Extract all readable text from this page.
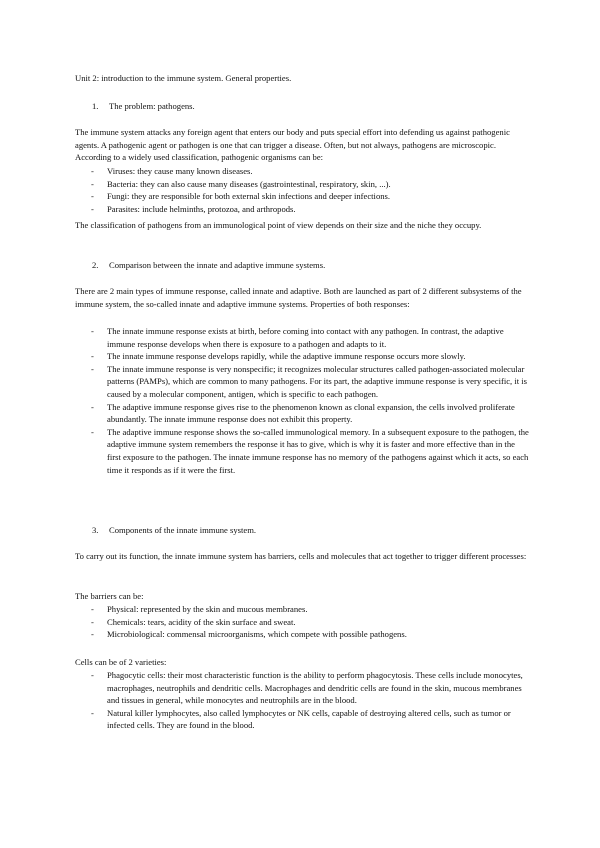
Unit 2: introduction to the immune system. General properties.

1. The problem: pathogens.

The immune system attacks any foreign agent that enters our body and puts special effort into defending us against pathogenic agents. A pathogenic agent or pathogen is one that can trigger a disease. Often, but not always, pathogens are microscopic. According to a widely used classification, pathogenic organisms can be:

- Viruses: they cause many known diseases.
- Bacteria: they can also cause many diseases (gastrointestinal, respiratory, skin, ...).
- Fungi: they are responsible for both external skin infections and deeper infections.
- Parasites: include helminths, protozoa, and arthropods.

The classification of pathogens from an immunological point of view depends on their size and the niche they occupy.

2. Comparison between the innate and adaptive immune systems.

There are 2 main types of immune response, called innate and adaptive. Both are launched as part of 2 different subsystems of the immune system, the so-called innate and adaptive immune systems. Properties of both responses:

- The innate immune response exists at birth, before coming into contact with any pathogen. In contrast, the adaptive immune response develops when there is exposure to a pathogen and adapts to it.
- The innate immune response develops rapidly, while the adaptive immune response occurs more slowly.
- The innate immune response is very nonspecific; it recognizes molecular structures called pathogen-associated molecular patterns (PAMPs), which are common to many pathogens. For its part, the adaptive immune response is very specific, it is caused by a molecular component, antigen, which is specific to each pathogen.
- The adaptive immune response gives rise to the phenomenon known as clonal expansion, the cells involved proliferate abundantly. The innate immune response does not exhibit this property.
- The adaptive immune response shows the so-called immunological memory. In a subsequent exposure to the pathogen, the adaptive immune system remembers the response it has to give, which is why it is faster and more effective than in the first exposure to the pathogen. The innate immune response has no memory of the pathogens against which it acts, so each time it responds as if it were the first.
3. Components of the innate immune system.

To carry out its function, the innate immune system has barriers, cells and molecules that act together to trigger different processes:

The barriers can be:

- Physical: represented by the skin and mucous membranes.
- Chemicals: tears, acidity of the skin surface and sweat.
- Microbiological: commensal microorganisms, which compete with possible pathogens.

Cells can be of 2 varieties:

- Phagocytic cells: their most characteristic function is the ability to perform phagocytosis. These cells include monocytes, macrophages, neutrophils and dendritic cells. Macrophages and dendritic cells are found in the skin, mucous membranes and tissues in general, while monocytes and neutrophils are in the blood.
- Natural killer lymphocytes, also called lymphocytes or NK cells, capable of destroying altered cells, such as tumor or infected cells. They are found in the blood.
